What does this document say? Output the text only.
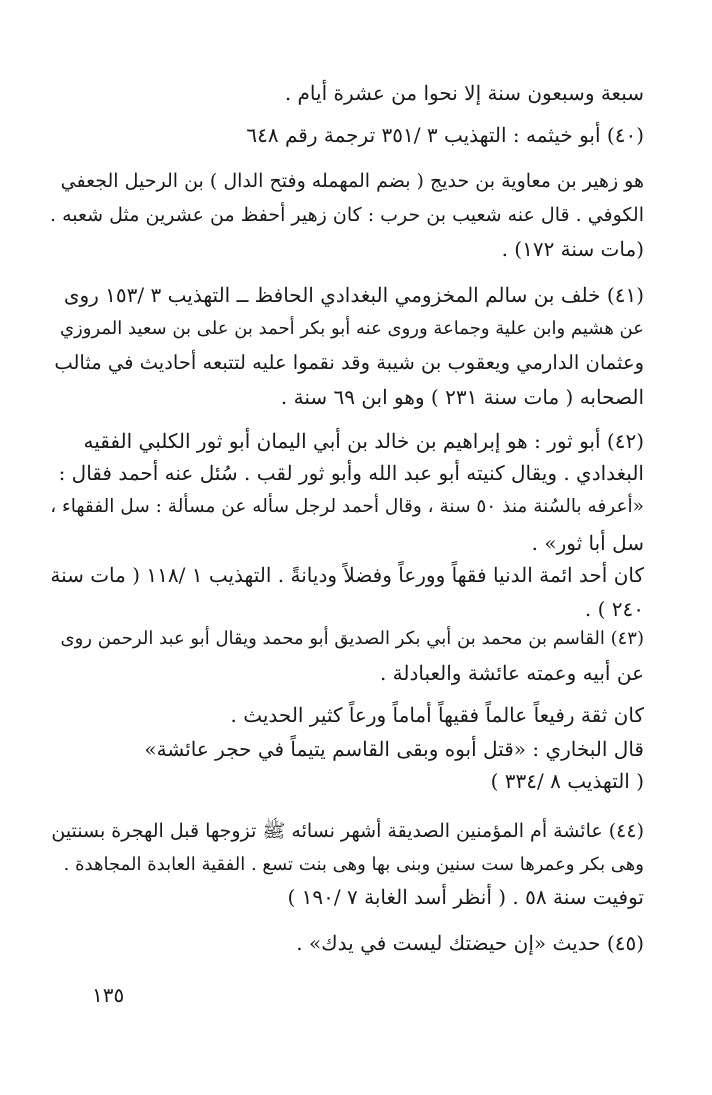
سبعة وسبعون سنة إلا نحوا من عشرة أيام .
(٤٠) أبو خيثمه : التهذيب ٣ /٣٥١ ترجمة رقم ٦٤٨
هو زهير بن معاوية بن حديج ( بضم المهمله وفتح الدال ) بن الرحيل الجعفي
الكوفي . قال عنه شعيب بن حرب : كان زهير أحفظ من عشرين مثل شعبه .
(مات سنة ١٧٢) .
(٤١) خلف بن سالم المخزومي البغدادي الحافظ ــ التهذيب ٣ /١٥٣ روى
عن هشيم وابن علية وجماعة وروى عنه أبو بكر أحمد بن على بن سعيد المروزي
وعثمان الدارمي ويعقوب بن شيبة وقد نقموا عليه لتتبعه أحاديث في مثالب
الصحابه ( مات سنة ٢٣١ ) وهو ابن ٦٩ سنة .
(٤٢) أبو ثور : هو إبراهيم بن خالد بن أبي اليمان أبو ثور الكلبي الفقيه
البغدادي . ويقال كنيته أبو عبد الله وأبو ثور لقب . سُئل عنه أحمد فقال :
«أعرفه بالسُنة منذ ٥٠ سنة ، وقال أحمد لرجل سأله عن مسألة : سل الفقهاء ،
سل أبا ثور» .
كان أحد ائمة الدنيا فقهاً وورعاً وفضلاً وديانةً . التهذيب ١ /١١٨ ( مات سنة
٢٤٠ ) .
(٤٣) القاسم بن محمد بن أبي بكر الصديق أبو محمد ويقال أبو عبد الرحمن روى
عن أبيه وعمته عائشة والعبادلة .
كان ثقة رفيعاً عالماً فقيهاً أماماً ورعاً كثير الحديث .
قال البخاري : «قتل أبوه وبقى القاسم يتيماً في حجر عائشة»
( التهذيب ٨ /٣٣٤ )
(٤٤) عائشة أم المؤمنين الصديقة أشهر نسائه ﷺ تزوجها قبل الهجرة بسنتين
وهى بكر وعمرها ست سنين وبنى بها وهى بنت تسع . الفقية العابدة المجاهدة .
توفيت سنة ٥٨ . ( أنظر أسد الغابة ٧ /١٩٠ )
(٤٥) حديث «إن حيضتك ليست في يدك» .
١٣٥
